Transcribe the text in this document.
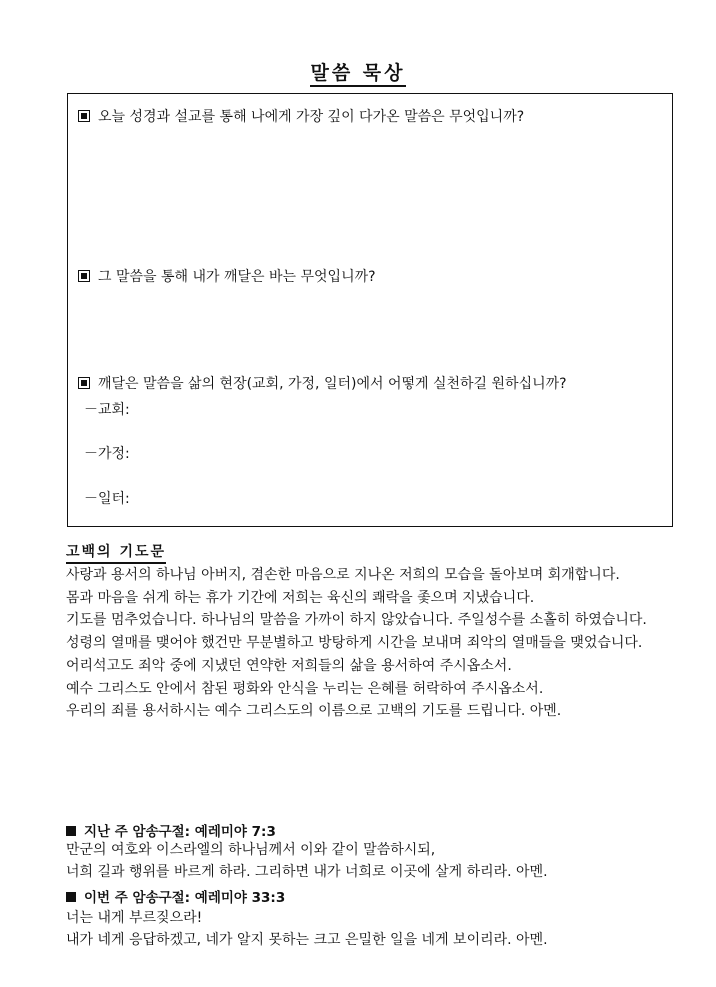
말씀 묵상
오늘 성경과 설교를 통해 나에게 가장 깊이 다가온 말씀은 무엇입니까?
그 말씀을 통해 내가 깨달은 바는 무엇입니까?
깨달은 말씀을 삶의 현장(교회, 가정, 일터)에서 어떻게 실천하길 원하십니까?
－교회:
－가정:
－일터:
고백의 기도문
사랑과 용서의 하나님 아버지, 겸손한 마음으로 지나온 저희의 모습을 돌아보며 회개합니다.
몸과 마음을 쉬게 하는 휴가 기간에 저희는 육신의 쾌락을 좇으며 지냈습니다.
기도를 멈추었습니다. 하나님의 말씀을 가까이 하지 않았습니다. 주일성수를 소홀히 하였습니다.
성령의 열매를 맺어야 했건만 무분별하고 방탕하게 시간을 보내며 죄악의 열매들을 맺었습니다.
어리석고도 죄악 중에 지냈던 연약한 저희들의 삶을 용서하여 주시옵소서.
예수 그리스도 안에서 참된 평화와 안식을 누리는 은혜를 허락하여 주시옵소서.
우리의 죄를 용서하시는 예수 그리스도의 이름으로 고백의 기도를 드립니다. 아멘.
지난 주 암송구절: 예레미야 7:3
만군의 여호와 이스라엘의 하나님께서 이와 같이 말씀하시되,
너희 길과 행위를 바르게 하라. 그리하면 내가 너희로 이곳에 살게 하리라. 아멘.
이번 주 암송구절: 예레미야 33:3
너는 내게 부르짖으라!
내가 네게 응답하겠고, 네가 알지 못하는 크고 은밀한 일을 네게 보이리라. 아멘.
